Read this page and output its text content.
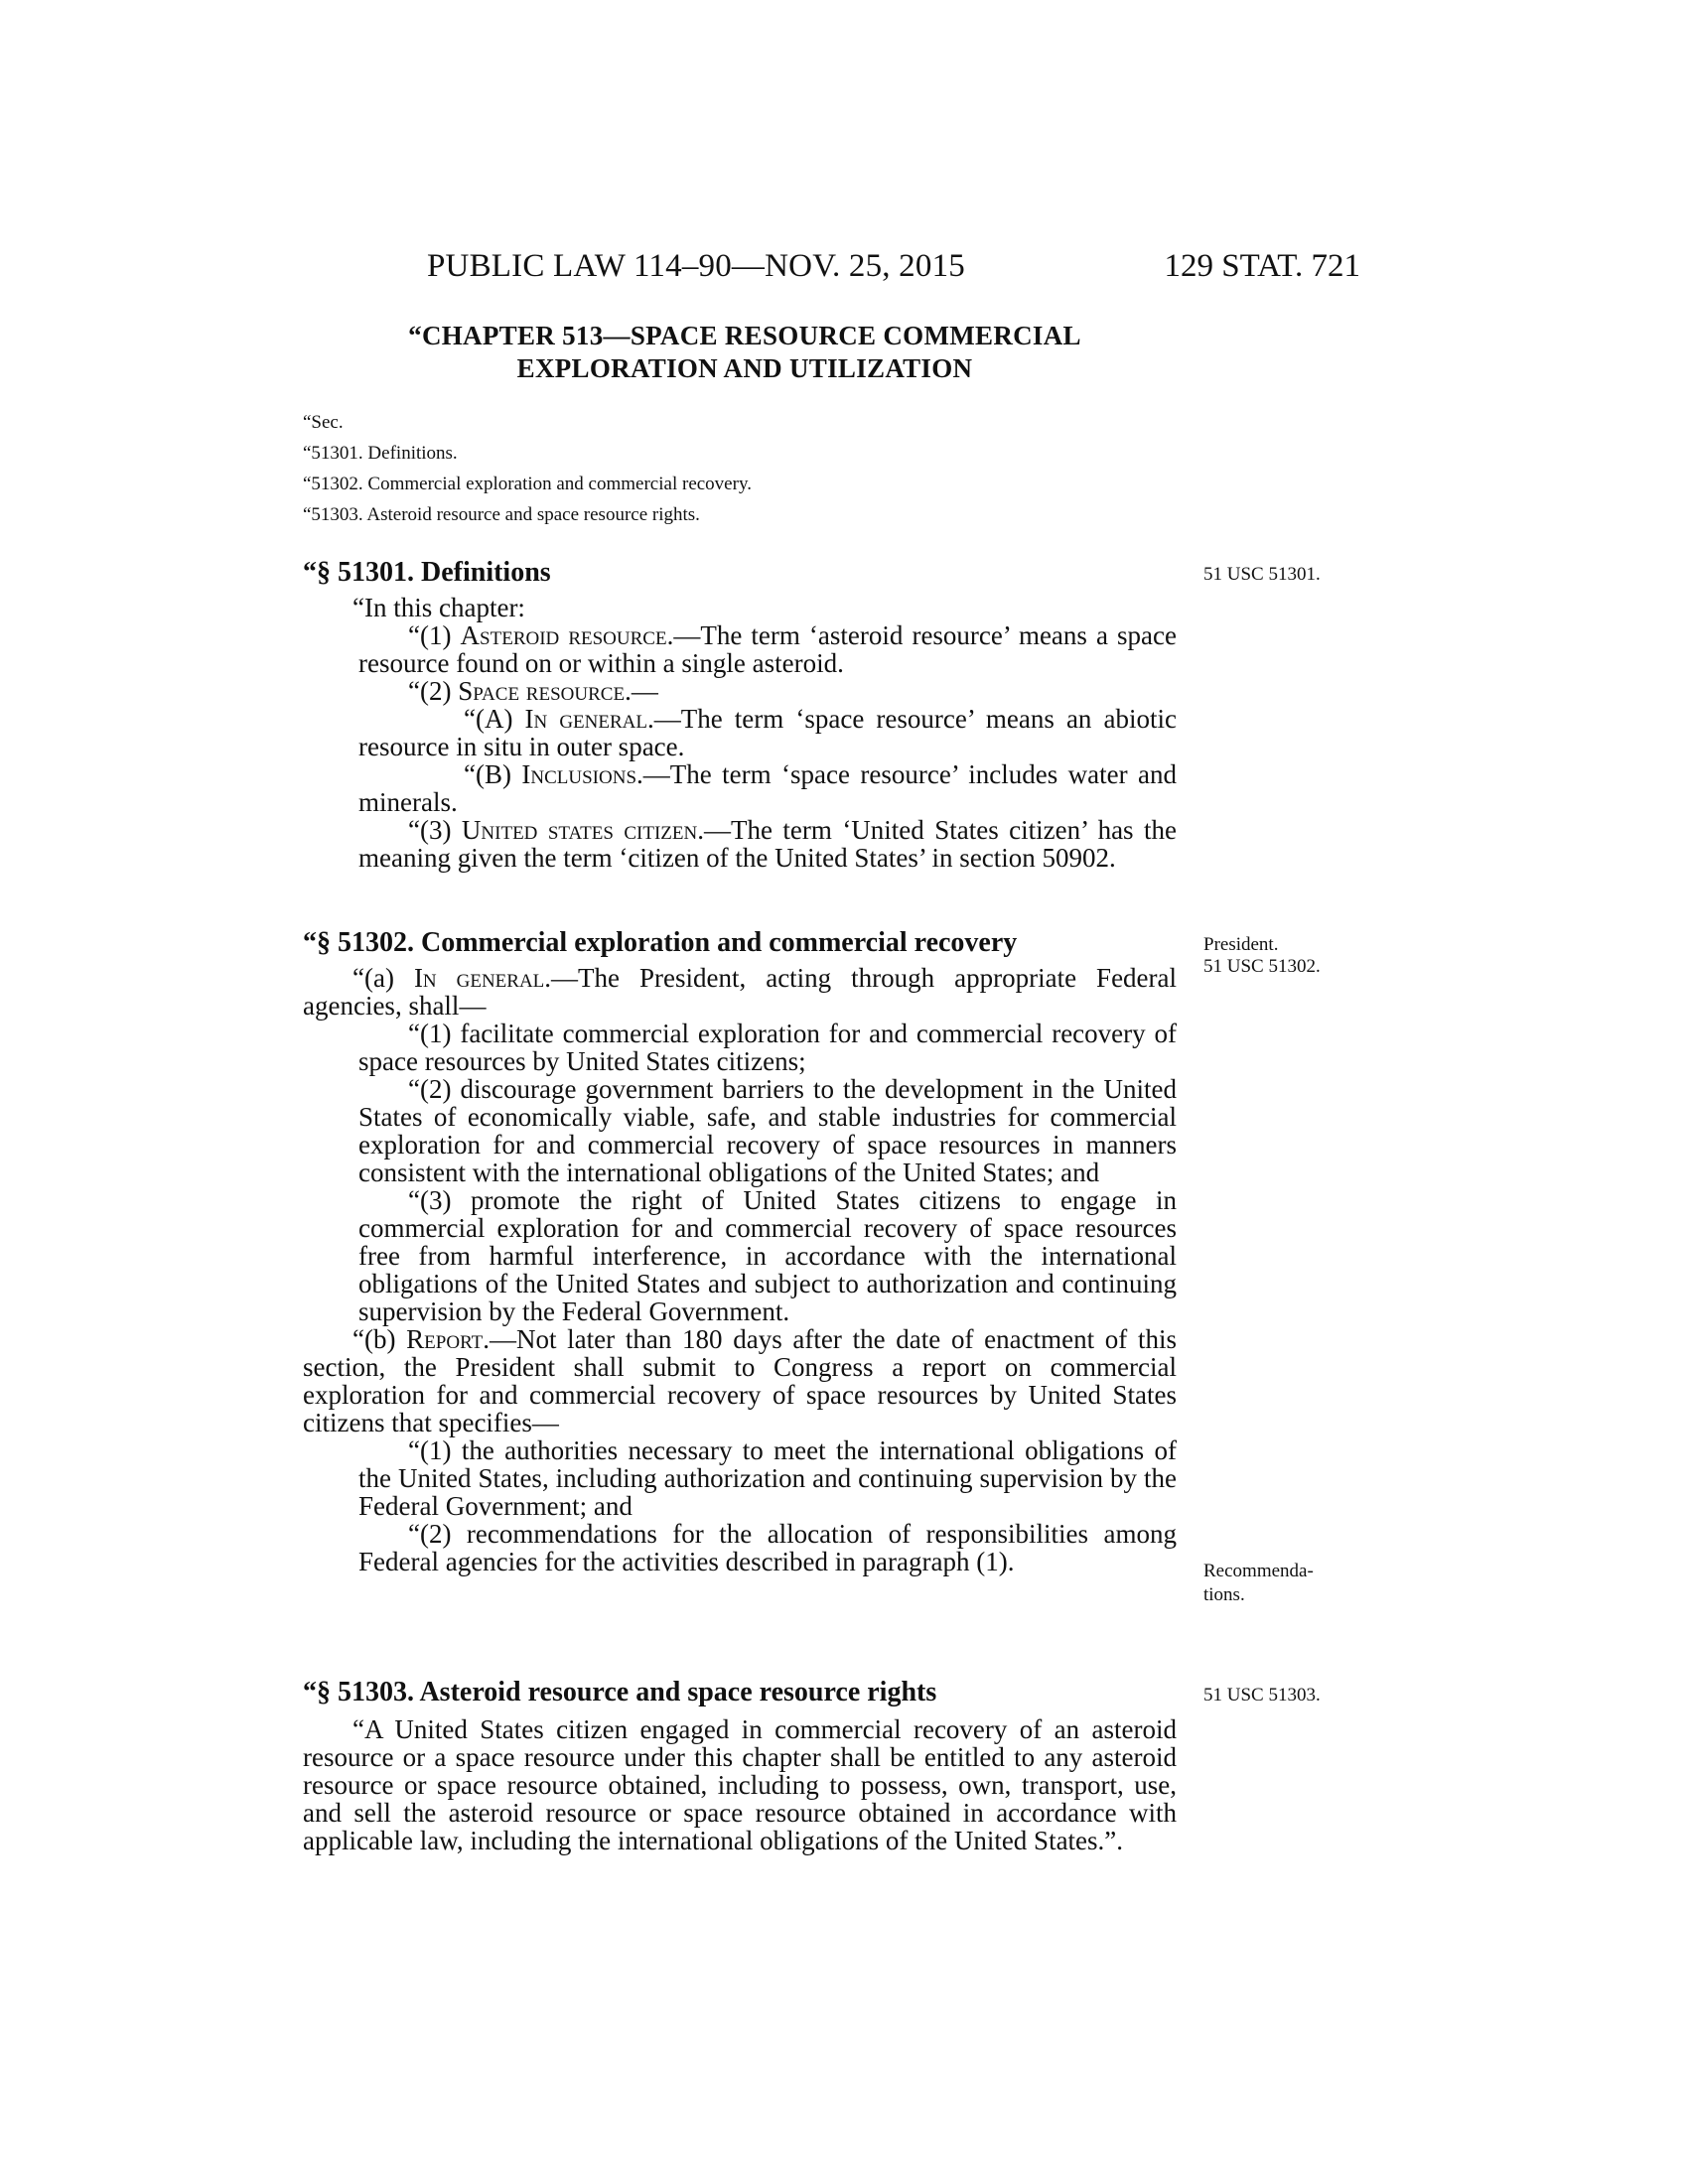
PUBLIC LAW 114–90—NOV. 25, 2015	129 STAT. 721
“CHAPTER 513—SPACE RESOURCE COMMERCIAL
EXPLORATION AND UTILIZATION
“Sec.
“51301. Definitions.
“51302. Commercial exploration and commercial recovery.
“51303. Asteroid resource and space resource rights.
“§ 51301. Definitions

“In this chapter:

“(1) Asteroid resource.—The term ‘asteroid resource’ means a space resource found on or within a single asteroid.

“(2) Space resource.—

“(A) In general.—The term ‘space resource’ means an abiotic resource in situ in outer space.

“(B) Inclusions.—The term ‘space resource’ includes water and minerals.

“(3) United states citizen.—The term ‘United States citizen’ has the meaning given the term ‘citizen of the United States’ in section 50902.

“§ 51302. Commercial exploration and commercial recovery

“(a) In general.—The President, acting through appropriate Federal agencies, shall—

“(1) facilitate commercial exploration for and commercial recovery of space resources by United States citizens;

“(2) discourage government barriers to the development in the United States of economically viable, safe, and stable industries for commercial exploration for and commercial recovery of space resources in manners consistent with the international obligations of the United States; and

“(3) promote the right of United States citizens to engage in commercial exploration for and commercial recovery of space resources free from harmful interference, in accordance with the international obligations of the United States and subject to authorization and continuing supervision by the Federal Government.

“(b) Report.—Not later than 180 days after the date of enactment of this section, the President shall submit to Congress a report on commercial exploration for and commercial recovery of space resources by United States citizens that specifies—

“(1) the authorities necessary to meet the international obligations of the United States, including authorization and continuing supervision by the Federal Government; and

“(2) recommendations for the allocation of responsibilities among Federal agencies for the activities described in paragraph (1).

“§ 51303. Asteroid resource and space resource rights

“A United States citizen engaged in commercial recovery of an asteroid resource or a space resource under this chapter shall be entitled to any asteroid resource or space resource obtained, including to possess, own, transport, use, and sell the asteroid resource or space resource obtained in accordance with applicable law, including the international obligations of the United States.”.

51 USC 51301.
President.
51 USC 51302.
Recommenda-
tions.
51 USC 51303.
